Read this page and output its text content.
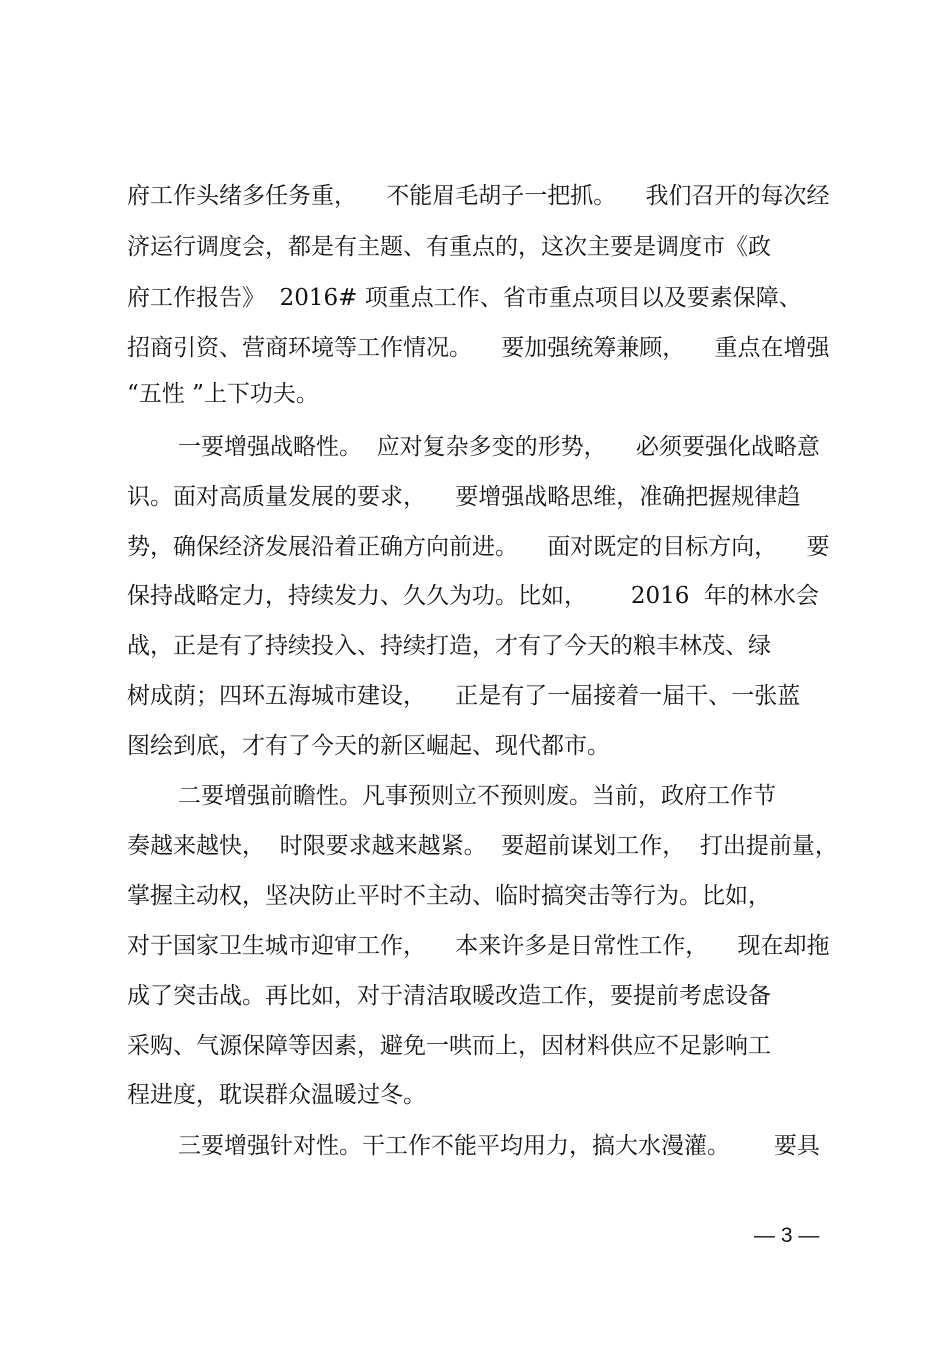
府工作头绪多任务重，    不能眉毛胡子一把抓。    我们召开的每次经
济运行调度会，都是有主题、有重点的，这次主要是调度市《政
府工作报告》  2016# 项重点工作、省市重点项目以及要素保障、
招商引资、营商环境等工作情况。    要加强统筹兼顾，    重点在增强
“五性 ”上下功夫。
一要增强战略性。  应对复杂多变的形势，    必须要强化战略意
识。面对高质量发展的要求，    要增强战略思维，准确把握规律趋
势，确保经济发展沿着正确方向前进。    面对既定的目标方向，    要
保持战略定力，持续发力、久久为功。比如，      2016  年的林水会
战，正是有了持续投入、持续打造，才有了今天的粮丰林茂、绿
树成荫；四环五海城市建设，    正是有了一届接着一届干、一张蓝
图绘到底，才有了今天的新区崛起、现代都市。
二要增强前瞻性。凡事预则立不预则废。当前，政府工作节
奏越来越快，  时限要求越来越紧。  要超前谋划工作，  打出提前量，
掌握主动权，坚决防止平时不主动、临时搞突击等行为。比如，
对于国家卫生城市迎审工作，    本来许多是日常性工作，    现在却拖
成了突击战。再比如，对于清洁取暖改造工作，要提前考虑设备
采购、气源保障等因素，避免一哄而上，因材料供应不足影响工
程进度，耽误群众温暖过冬。
三要增强针对性。干工作不能平均用力，搞大水漫灌。      要具
— 3 —
